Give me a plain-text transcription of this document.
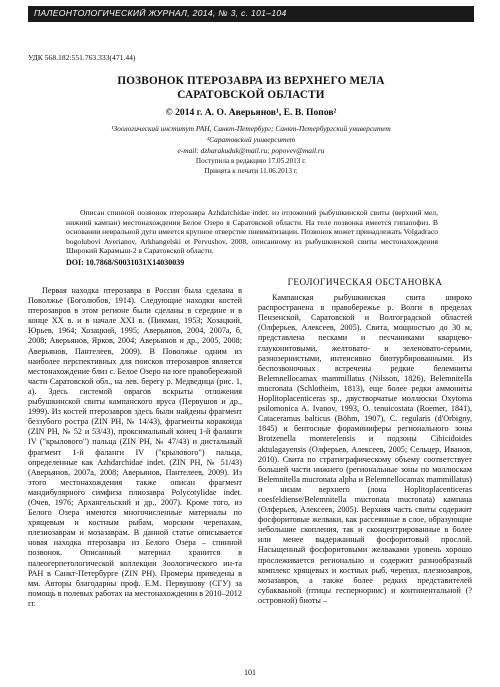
ПАЛЕОНТОЛОГИЧЕСКИЙ ЖУРНАЛ, 2014, № 3, с. 101–104
УДК 568.182:551.763.333(471.44)
ПОЗВОНОК ПТЕРОЗАВРА ИЗ ВЕРХНЕГО МЕЛА
САРАТОВСКОЙ ОБЛАСТИ
© 2014 г. А. О. Аверьянов¹, Е. В. Попов²
¹Зоологический институт РАН, Санкт-Петербург; Санкт-Петербургский университет
²Саратовский университет
e-mail: dzharakuduk@mail.ru; popovev@mail.ru
Поступила в редакцию 17.05.2013 г.
Принята к печати 11.06.2013 г.

Описан спинной позвонок птерозавра Azhdarchidae indet. из отложений рыбушкинской свиты (верхний мел, нижний кампан) местонахождения Белое Озеро в Саратовской области. На теле позвонка имеется гипапофиз. В основании невральной дуги имеется крупное отверстие пневматизации. Позвонок может принадлежать Volgadraco bogolubovi Averianov, Arkhangelski et Pervushov, 2008, описанному из рыбушкинской свиты местонахождения Широкий Карамыш-2 в Саратовской области.

DOI: 10.7868/S0031031X14030039

Первая находка птерозавра в России была сделана в Поволжье (Боголюбов, 1914). Следующие находки костей птерозавров в этом регионе были сделаны в середине и в конце XX в. и в начале XXI в. (Пикман, 1953; Хозацкий, Юрьев, 1964; Хозацкий, 1995; Аверьянов, 2004, 2007а, б, 2008; Аверьянов, Ярков, 2004; Аверьянов и др., 2005, 2008; Аверьянов, Пантелеев, 2009). В Поволжье одним из наиболее перспективных для поисков птерозавров является местонахождение близ с. Белое Озеро на юге правобережной части Саратовской обл., на лев. берегу р. Медведица (рис. 1, а). Здесь системой оврагов вскрыты отложения рыбушкинской свиты кампанского яруса (Первушов и др., 1999). Из костей птерозавров здесь были найдены фрагмент беззубого ростра (ZIN PH, № 14/43), фрагменты коракоида (ZIN PH, № 52 и 53/43), проксимальный конец 1-й фаланги IV ("крылового") пальца (ZIN PH, № 47/43) и дистальный фрагмент 1-й фаланги IV ("крылового") пальца, определенные как Azhdarchidae indet. (ZIN PH, № 51/43) (Аверьянов, 2007а, 2008; Аверьянов, Пантелеев, 2009). Из этого местонахождения также описан фрагмент мандибулярного симфиза плиозавра Polycotylidae indet. (Очев, 1976; Архангельский и др., 2007). Кроме того, из Белого Озера имеются многочисленные материалы по хрящевым и костным рыбам, морским черепахам, плезиозаврам и мозазаврам. В данной статье описывается новая находка птерозавра из Белого Озера – спинной позвонок. Описанный материал хранится в палеогерпетологической коллекции Зоологического ин-та РАН в Санкт-Петербурге (ZIN PH). Промеры приведены в мм. Авторы благодарны проф. Е.М. Первушову (СГУ) за помощь в полевых работах на местонахождении в 2010–2012 гг.

ГЕОЛОГИЧЕСКАЯ ОБСТАНОВКА

Кампанская рыбушкинская свита широко распространена в правобережье р. Волги в пределах Пензенской, Саратовской и Волгоградской областей (Олферьев, Алексеев, 2005). Свита, мощностью до 30 м, представлена песками и песчаниками кварцево-глауконитовыми, желтовато- и зеленовато-серыми, разнозернистыми, интенсивно биотурбированными. Из беспозвоночных встречены редкие белемниты Belemnellocamax mammillatus (Nilsson, 1826), Belemnitella mucronata (Schlotheim, 1813), еще более редки аммониты Hoplitoplacenticeras sp., двустворчатые моллюски Oxytoma psilomonica A. Ivanov, 1993, O. tenuicostata (Roemer, 1841), Cataceramus balticus (Böhm, 1907), C. regularis (d'Orbigny, 1845) и бентосные фораминиферы регионального зоны Brotzenella monterelensis и подзоны Cibicidoides aktulagayensis (Олферьев, Алексеев, 2005; Сельцер, Иванов, 2010). Свита по стратиграфическому объему соответствует большей части нижнего (региональные зоны по моллюскам Belemnitella mucronata alpha и Belemnellocamax mammillatus) и низам верхнего (лона Hoplitoplacenticeras coesfeldiense/Belemnitella mucronata mucronata) кампана (Олферьев, Алексеев, 2005). Верхняя часть свиты содержит фосфоритовые желваки, как рассеянные в слое, образующие небольшие скопления, так и сконцентрированные в более или менее выдержанный фосфоритовый прослой. Насыщенный фосфоритовыми желваками уровень хорошо прослеживается регионально и содержит разнообразный комплекс хрящевых и костных рыб, черепах, плезиозавров, мозазавров, а также более редких представителей субакваьной (птицы геспернорнис) и континентальной (?островной) биоты –

101
